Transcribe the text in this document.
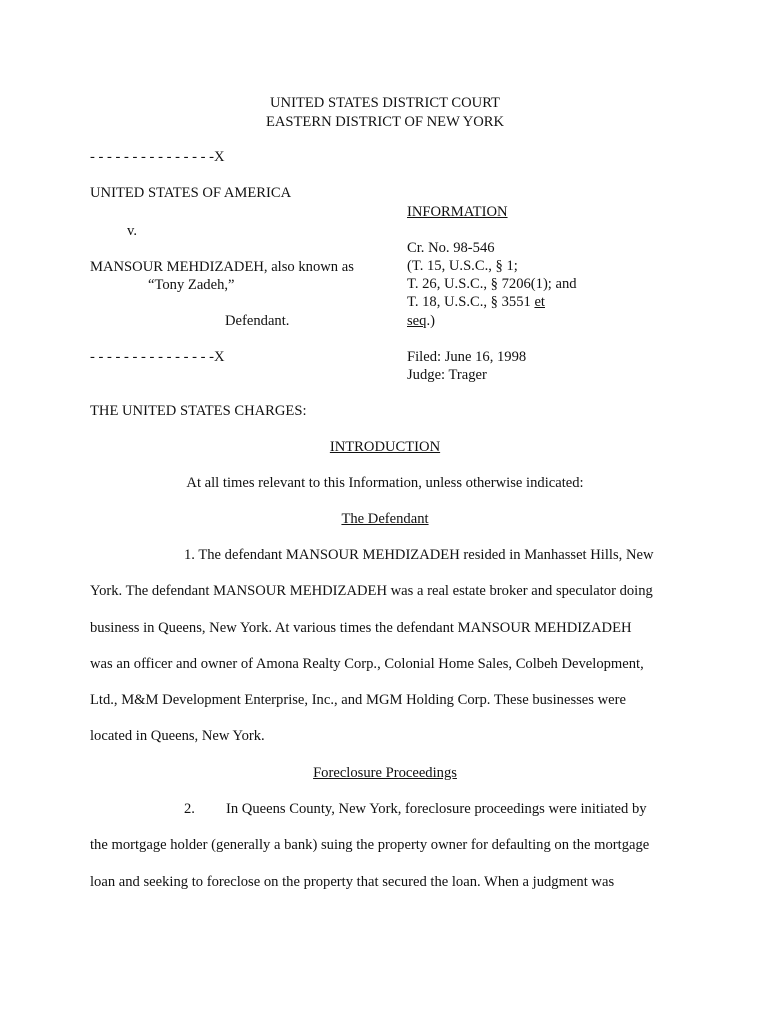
UNITED STATES DISTRICT COURT
EASTERN DISTRICT OF NEW YORK
- - - - - - - - - - - - - - -X
UNITED STATES OF AMERICA
v.
MANSOUR MEHDIZADEH, also known as
“Tony Zadeh,”
Defendant.
- - - - - - - - - - - - - - -X
INFORMATION
Cr. No. 98-546
(T. 15, U.S.C., § 1;
T. 26, U.S.C., § 7206(1); and
T. 18, U.S.C., § 3551 et
seq.)
Filed: June 16, 1998
Judge: Trager
THE UNITED STATES CHARGES:
INTRODUCTION
At all times relevant to this Information, unless otherwise indicated:
The Defendant
1. The defendant MANSOUR MEHDIZADEH resided in Manhasset Hills, New
York. The defendant MANSOUR MEHDIZADEH was a real estate broker and speculator doing
business in Queens, New York. At various times the defendant MANSOUR MEHDIZADEH
was an officer and owner of Amona Realty Corp., Colonial Home Sales, Colbeh Development,
Ltd., M&M Development Enterprise, Inc., and MGM Holding Corp. These businesses were
located in Queens, New York.
Foreclosure Proceedings
2. In Queens County, New York, foreclosure proceedings were initiated by
the mortgage holder (generally a bank) suing the property owner for defaulting on the mortgage
loan and seeking to foreclose on the property that secured the loan. When a judgment was
